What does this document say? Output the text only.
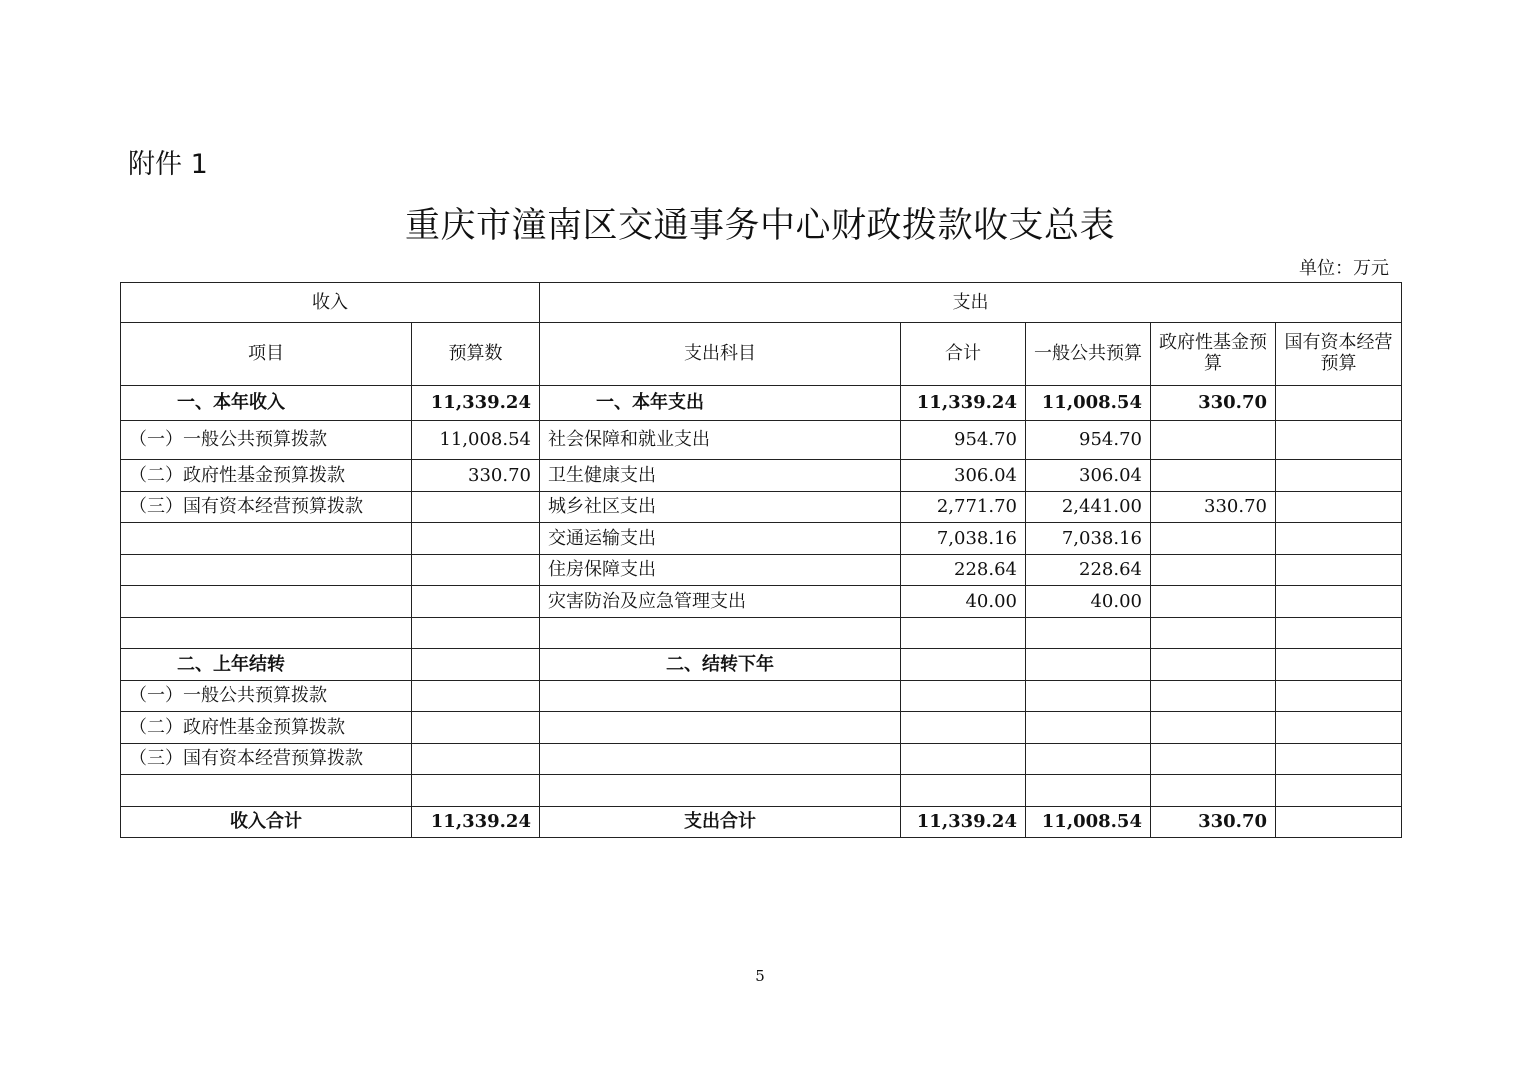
附件 1
重庆市潼南区交通事务中心财政拨款收支总表
单位：万元
收入		支出				
项目	预算数	支出科目	合计	一般公共预算	政府性基金预算	国有资本经营预算
一、本年收入	11,339.24	一、本年支出	11,339.24	11,008.54	330.70	
（一）一般公共预算拨款	11,008.54	社会保障和就业支出	954.70	954.70		
（二）政府性基金预算拨款	330.70	卫生健康支出	306.04	306.04		
（三）国有资本经营预算拨款		城乡社区支出	2,771.70	2,441.00	330.70	
		交通运输支出	7,038.16	7,038.16		
		住房保障支出	228.64	228.64		
		灾害防治及应急管理支出	40.00	40.00		

二、上年结转		二、结转下年				
（一）一般公共预算拨款						
（二）政府性基金预算拨款						
（三）国有资本经营预算拨款						

收入合计	11,339.24	支出合计	11,339.24	11,008.54	330.70	
5
